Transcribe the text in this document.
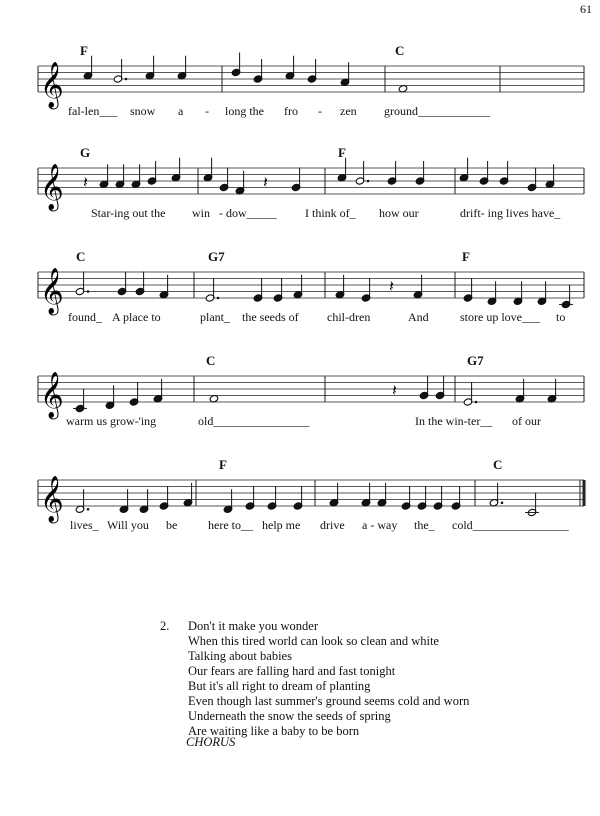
61
F	C
𝄞
fal-len___ snow a - long the fro - zen ground____________
G	F
𝄞 𝄽	𝄽
Star-ing out the win - dow_____ I think of_ how our	drift- ing lives have_
C	G7	F
𝄞	𝄽
found_ A place to	plant_ the seeds of chil-dren	And	store up love___ to
C	G7
𝄞	𝄽
warm us grow-'ing	old________________	In the win-ter__ of our
F	C
𝄞
lives_ Will you be	here to__ help me drive a - way the_ cold________________
2. Don't it make you wonder
When this tired world can look so clean and white
Talking about babies
Our fears are falling hard and fast tonight
But it's all right to dream of planting
Even though last summer's ground seems cold and worn
Underneath the snow the seeds of spring
Are waiting like a baby to be born
CHORUS
